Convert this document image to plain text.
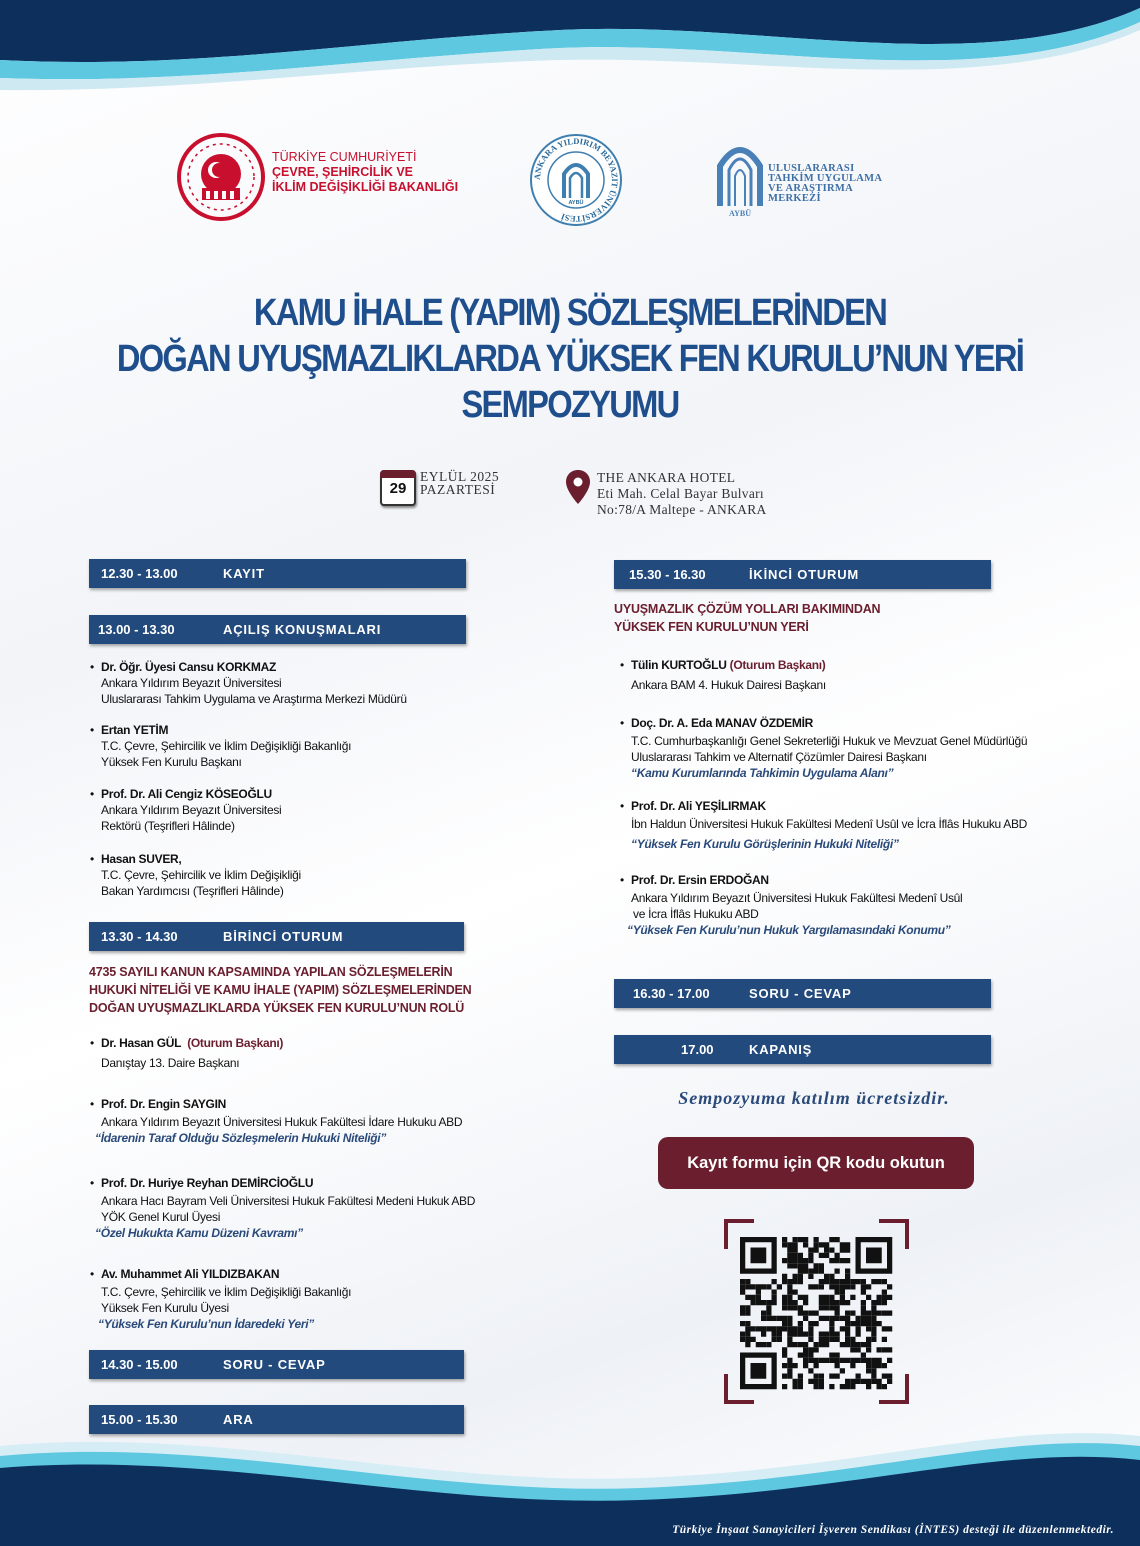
TÜRKİYE CUMHURİYETİ
ÇEVRE, ŞEHİRCİLİK VE
İKLİM DEĞİŞİKLİĞİ BAKANLIĞI
ANKARA YILDIRIM BEYAZIT ÜNİVERSİTESİ
AYBÜ
AYBÜ
ULUSLARARASI
TAHKİM UYGULAMA
VE ARAŞTIRMA
MERKEZİ
KAMU İHALE (YAPIM) SÖZLEŞMELERİNDEN
DOĞAN UYUŞMAZLIKLARDA YÜKSEK FEN KURULU’NUN YERİ
SEMPOZYUMU
29
EYLÜL 2025
PAZARTESİ
THE ANKARA HOTEL
Eti Mah. Celal Bayar Bulvarı
No:78/A Maltepe - ANKARA
12.30 - 13.00	KAYIT
13.00 - 13.30	AÇILIŞ KONUŞMALARI
• Dr. Öğr. Üyesi Cansu KORKMAZ
Ankara Yıldırım Beyazıt Üniversitesi
Uluslararası Tahkim Uygulama ve Araştırma Merkezi Müdürü
• Ertan YETİM
T.C. Çevre, Şehircilik ve İklim Değişikliği Bakanlığı
Yüksek Fen Kurulu Başkanı
• Prof. Dr. Ali Cengiz KÖSEOĞLU
Ankara Yıldırım Beyazıt Üniversitesi
Rektörü (Teşrifleri Hâlinde)
• Hasan SUVER,
T.C. Çevre, Şehircilik ve İklim Değişikliği
Bakan Yardımcısı (Teşrifleri Hâlinde)
13.30 - 14.30	BİRİNCİ OTURUM
4735 SAYILI KANUN KAPSAMINDA YAPILAN SÖZLEŞMELERİN
HUKUKİ NİTELİĞİ VE KAMU İHALE (YAPIM) SÖZLEŞMELERİNDEN
DOĞAN UYUŞMAZLIKLARDA YÜKSEK FEN KURULU’NUN ROLÜ
• Dr. Hasan GÜL (Oturum Başkanı)
Danıştay 13. Daire Başkanı
• Prof. Dr. Engin SAYGIN
Ankara Yıldırım Beyazıt Üniversitesi Hukuk Fakültesi İdare Hukuku ABD
“İdarenin Taraf Olduğu Sözleşmelerin Hukuki Niteliği”
• Prof. Dr. Huriye Reyhan DEMİRCİOĞLU
Ankara Hacı Bayram Veli Üniversitesi Hukuk Fakültesi Medeni Hukuk ABD
YÖK Genel Kurul Üyesi
“Özel Hukukta Kamu Düzeni Kavramı”
• Av. Muhammet Ali YILDIZBAKAN
T.C. Çevre, Şehircilik ve İklim Değişikliği Bakanlığı
Yüksek Fen Kurulu Üyesi
“Yüksek Fen Kurulu’nun İdaredeki Yeri”
14.30 - 15.00	SORU - CEVAP
15.00 - 15.30	ARA
15.30 - 16.30	İKİNCİ OTURUM
UYUŞMAZLIK ÇÖZÜM YOLLARI BAKIMINDAN
YÜKSEK FEN KURULU’NUN YERİ
• Tülin KURTOĞLU (Oturum Başkanı)
Ankara BAM 4. Hukuk Dairesi Başkanı
• Doç. Dr. A. Eda MANAV ÖZDEMİR
T.C. Cumhurbaşkanlığı Genel Sekreterliği Hukuk ve Mevzuat Genel Müdürlüğü
Uluslararası Tahkim ve Alternatif Çözümler Dairesi Başkanı
“Kamu Kurumlarında Tahkimin Uygulama Alanı”
• Prof. Dr. Ali YEŞİLIRMAK
İbn Haldun Üniversitesi Hukuk Fakültesi Medenî Usûl ve İcra İflâs Hukuku ABD
“Yüksek Fen Kurulu Görüşlerinin Hukuki Niteliği”
• Prof. Dr. Ersin ERDOĞAN
Ankara Yıldırım Beyazıt Üniversitesi Hukuk Fakültesi Medenî Usûl
ve İcra İflâs Hukuku ABD
“Yüksek Fen Kurulu’nun Hukuk Yargılamasındaki Konumu”
16.30 - 17.00	SORU - CEVAP
17.00	KAPANIŞ
Sempozyuma katılım ücretsizdir.
Kayıt formu için QR kodu okutun
Türkiye İnşaat Sanayicileri İşveren Sendikası (İNTES) desteği ile düzenlenmektedir.
